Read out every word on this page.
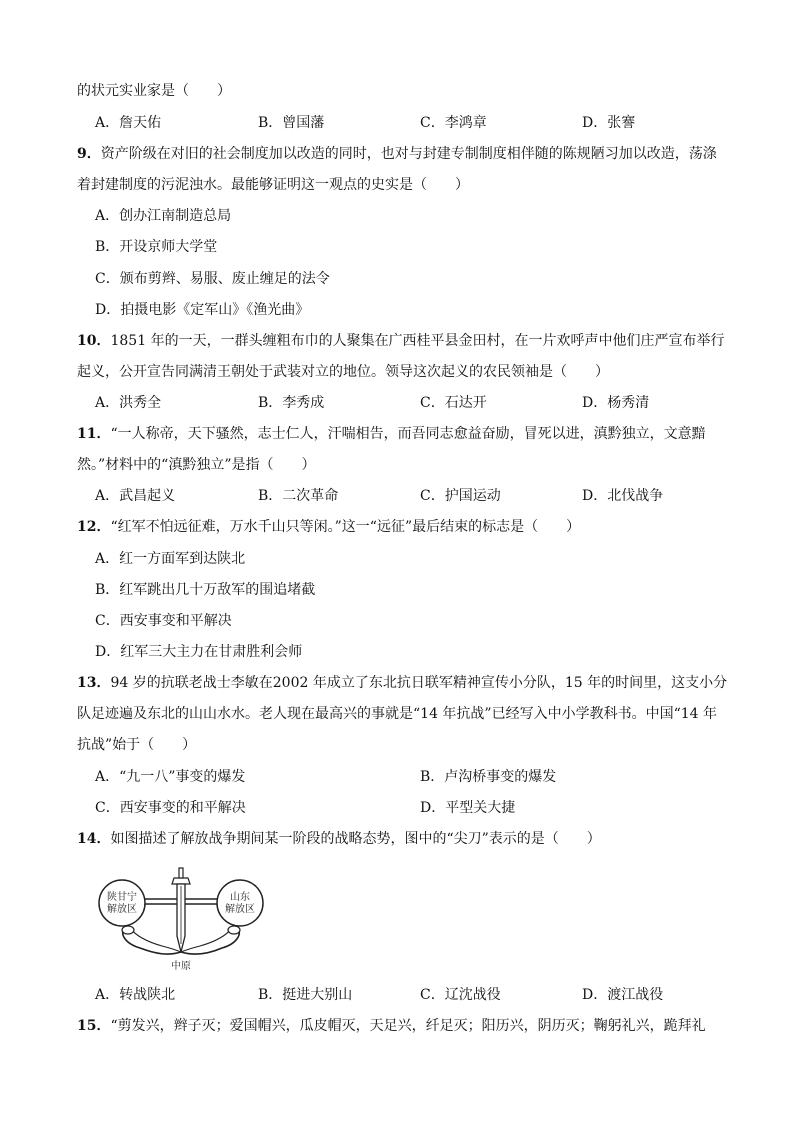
的状元实业家是（　　）
A．詹天佑	B．曾国藩	C．李鸿章	D．张謇
9．资产阶级在对旧的社会制度加以改造的同时，也对与封建专制制度相伴随的陈规陋习加以改造，荡涤
着封建制度的污泥浊水。最能够证明这一观点的史实是（　　）
A．创办江南制造总局
B．开设京师大学堂
C．颁布剪辫、易服、废止缠足的法令
D．拍摄电影《定军山》《渔光曲》
10．1851 年的一天，一群头缠粗布巾的人聚集在广西桂平县金田村，在一片欢呼声中他们庄严宣布举行
起义，公开宣告同满清王朝处于武装对立的地位。领导这次起义的农民领袖是（　　）
A．洪秀全	B．李秀成	C．石达开	D．杨秀清
11．“一人称帝，天下骚然，志士仁人，汗喘相告，而吾同志愈益奋励，冒死以进，滇黔独立，文意黯
然。”材料中的“滇黔独立”是指（　　）
A．武昌起义	B．二次革命	C．护国运动	D．北伐战争
12．“红军不怕远征难，万水千山只等闲。”这一“远征”最后结束的标志是（　　）
A．红一方面军到达陕北
B．红军跳出几十万敌军的围追堵截
C．西安事变和平解决
D．红军三大主力在甘肃胜利会师
13．94 岁的抗联老战士李敏在2002 年成立了东北抗日联军精神宣传小分队，15 年的时间里，这支小分
队足迹遍及东北的山山水水。老人现在最高兴的事就是“14 年抗战”已经写入中小学教科书。中国“14 年
抗战”始于（　　）
A．“九一八”事变的爆发	B．卢沟桥事变的爆发
C．西安事变的和平解决	D．平型关大捷
14．如图描述了解放战争期间某一阶段的战略态势，图中的“尖刀”表示的是（　　）
陕甘宁
解放区
山东
解放区
中原
A．转战陕北	B．挺进大别山	C．辽沈战役	D．渡江战役
15．“剪发兴，辫子灭；爱国帽兴，瓜皮帽灭，天足兴，纤足灭；阳历兴，阴历灭；鞠躬礼兴，跪拜礼
